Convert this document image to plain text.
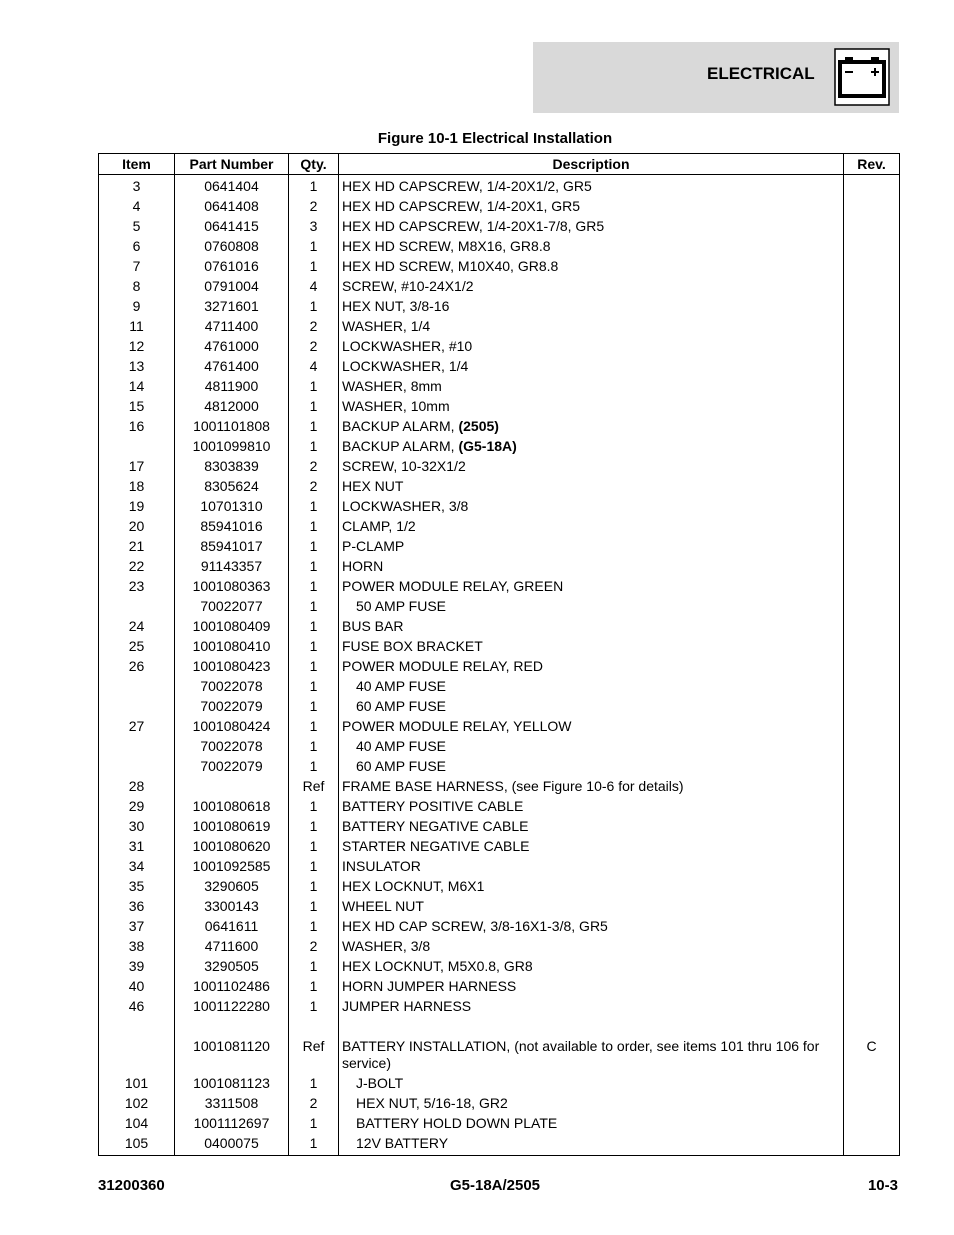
ELECTRICAL
Figure 10-1 Electrical Installation
Item	Part Number	Qty.	Description	Rev.
3	0641404	1	HEX HD CAPSCREW, 1/4-20X1/2, GR5	
4	0641408	2	HEX HD CAPSCREW, 1/4-20X1, GR5	
5	0641415	3	HEX HD CAPSCREW, 1/4-20X1-7/8, GR5	
6	0760808	1	HEX HD SCREW, M8X16, GR8.8	
7	0761016	1	HEX HD SCREW, M10X40, GR8.8	
8	0791004	4	SCREW, #10-24X1/2	
9	3271601	1	HEX NUT, 3/8-16	
11	4711400	2	WASHER, 1/4	
12	4761000	2	LOCKWASHER, #10	
13	4761400	4	LOCKWASHER, 1/4	
14	4811900	1	WASHER, 8mm	
15	4812000	1	WASHER, 10mm	
16	1001101808	1	BACKUP ALARM, (2505)	
	1001099810	1	BACKUP ALARM, (G5-18A)	
17	8303839	2	SCREW, 10-32X1/2	
18	8305624	2	HEX NUT	
19	10701310	1	LOCKWASHER, 3/8	
20	85941016	1	CLAMP, 1/2	
21	85941017	1	P-CLAMP	
22	91143357	1	HORN	
23	1001080363	1	POWER MODULE RELAY, GREEN	
	70022077	1	50 AMP FUSE	
24	1001080409	1	BUS BAR	
25	1001080410	1	FUSE BOX BRACKET	
26	1001080423	1	POWER MODULE RELAY, RED	
	70022078	1	40 AMP FUSE	
	70022079	1	60 AMP FUSE	
27	1001080424	1	POWER MODULE RELAY, YELLOW	
	70022078	1	40 AMP FUSE	
	70022079	1	60 AMP FUSE	
28		Ref	FRAME BASE HARNESS, (see Figure 10-6 for details)	
29	1001080618	1	BATTERY POSITIVE CABLE	
30	1001080619	1	BATTERY NEGATIVE CABLE	
31	1001080620	1	STARTER NEGATIVE CABLE	
34	1001092585	1	INSULATOR	
35	3290605	1	HEX LOCKNUT, M6X1	
36	3300143	1	WHEEL NUT	
37	0641611	1	HEX HD CAP SCREW, 3/8-16X1-3/8, GR5	
38	4711600	2	WASHER, 3/8	
39	3290505	1	HEX LOCKNUT, M5X0.8, GR8	
40	1001102486	1	HORN JUMPER HARNESS	
46	1001122280	1	JUMPER HARNESS	

	1001081120	Ref	BATTERY INSTALLATION, (not available to order, see items 101 thru 106 for service)	C
101	1001081123	1	J-BOLT	
102	3311508	2	HEX NUT, 5/16-18, GR2	
104	1001112697	1	BATTERY HOLD DOWN PLATE	
105	0400075	1	12V BATTERY	
31200360	G5-18A/2505	10-3
